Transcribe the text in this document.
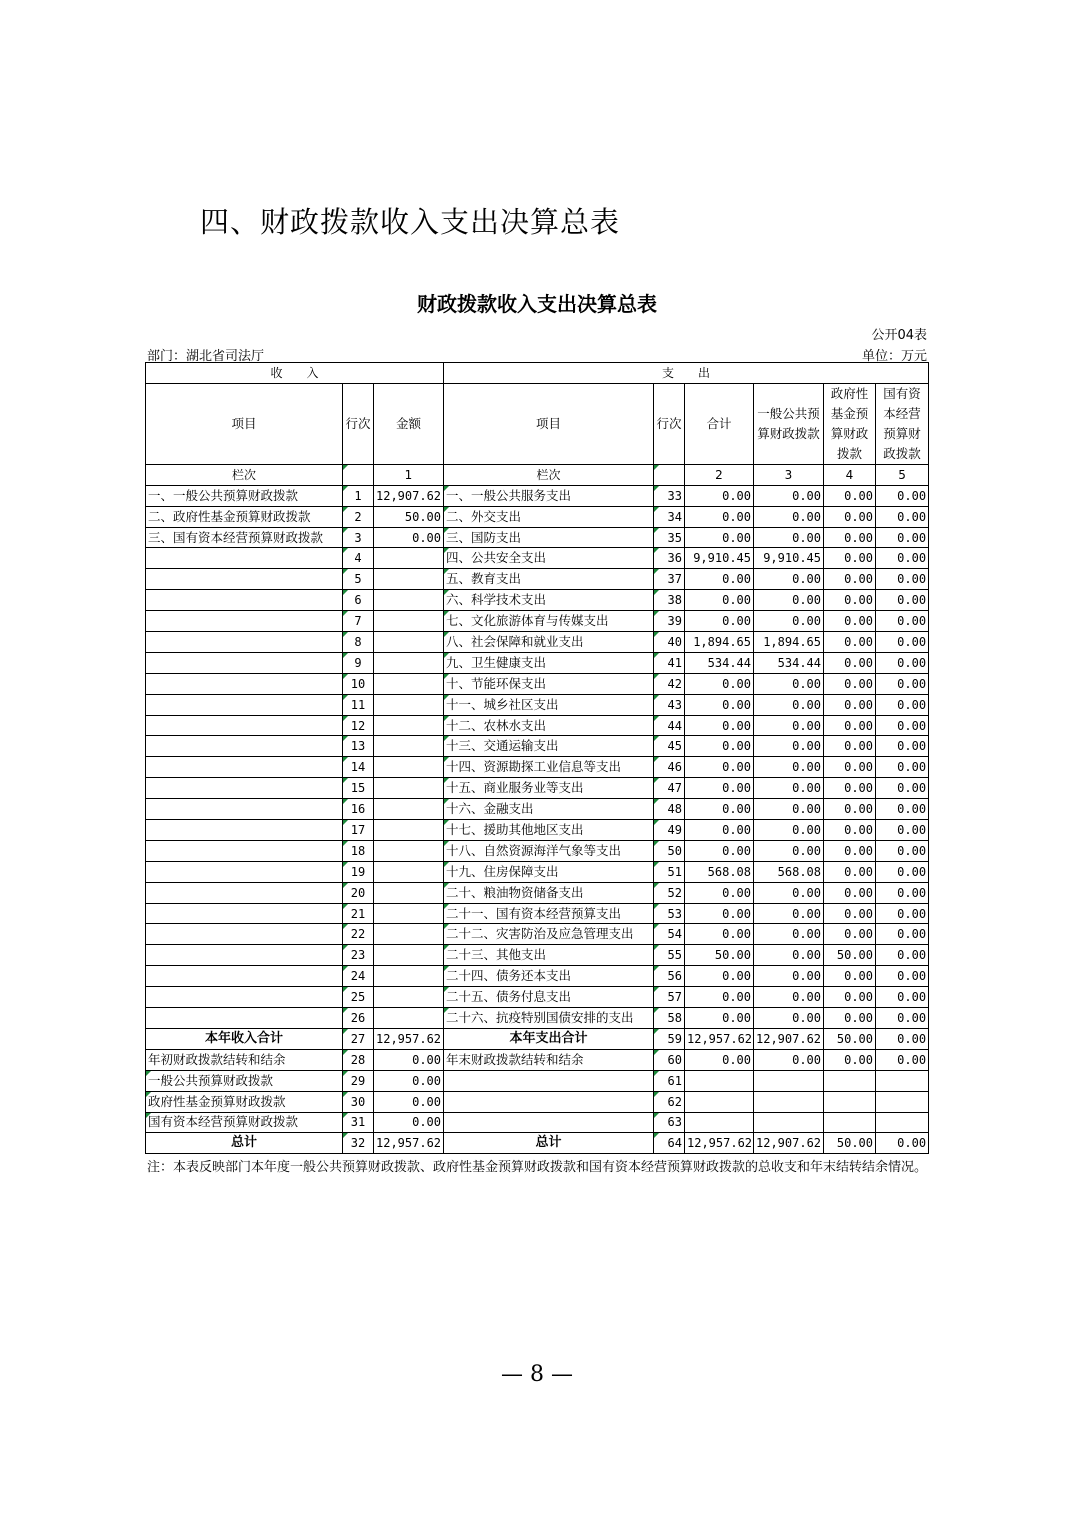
四、财政拨款收入支出决算总表
财政拨款收入支出决算总表
公开04表
部门：湖北省司法厅	单位：万元
收　　入			支　　出					
项目	行次	金额	项目	行次	合计	一般公共预算财政拨款	政府性基金预算财政拨款	国有资本经营预算财政拨款
栏次		1	栏次		2	3	4	5
一、一般公共预算财政拨款	1	12,907.62	一、一般公共服务支出	33	0.00	0.00	0.00	0.00
二、政府性基金预算财政拨款	2	50.00	二、外交支出	34	0.00	0.00	0.00	0.00
三、国有资本经营预算财政拨款	3	0.00	三、国防支出	35	0.00	0.00	0.00	0.00
	4		四、公共安全支出	36	9,910.45	9,910.45	0.00	0.00
	5		五、教育支出	37	0.00	0.00	0.00	0.00
	6		六、科学技术支出	38	0.00	0.00	0.00	0.00
	7		七、文化旅游体育与传媒支出	39	0.00	0.00	0.00	0.00
	8		八、社会保障和就业支出	40	1,894.65	1,894.65	0.00	0.00
	9		九、卫生健康支出	41	534.44	534.44	0.00	0.00
	10		十、节能环保支出	42	0.00	0.00	0.00	0.00
	11		十一、城乡社区支出	43	0.00	0.00	0.00	0.00
	12		十二、农林水支出	44	0.00	0.00	0.00	0.00
	13		十三、交通运输支出	45	0.00	0.00	0.00	0.00
	14		十四、资源勘探工业信息等支出	46	0.00	0.00	0.00	0.00
	15		十五、商业服务业等支出	47	0.00	0.00	0.00	0.00
	16		十六、金融支出	48	0.00	0.00	0.00	0.00
	17		十七、援助其他地区支出	49	0.00	0.00	0.00	0.00
	18		十八、自然资源海洋气象等支出	50	0.00	0.00	0.00	0.00
	19		十九、住房保障支出	51	568.08	568.08	0.00	0.00
	20		二十、粮油物资储备支出	52	0.00	0.00	0.00	0.00
	21		二十一、国有资本经营预算支出	53	0.00	0.00	0.00	0.00
	22		二十二、灾害防治及应急管理支出	54	0.00	0.00	0.00	0.00
	23		二十三、其他支出	55	50.00	0.00	50.00	0.00
	24		二十四、债务还本支出	56	0.00	0.00	0.00	0.00
	25		二十五、债务付息支出	57	0.00	0.00	0.00	0.00
	26		二十六、抗疫特别国债安排的支出	58	0.00	0.00	0.00	0.00
本年收入合计	27	12,957.62	本年支出合计	59	12,957.62	12,907.62	50.00	0.00
年初财政拨款结转和结余	28	0.00	年末财政拨款结转和结余	60	0.00	0.00	0.00	0.00
一般公共预算财政拨款	29	0.00		61				
政府性基金预算财政拨款	30	0.00		62				
国有资本经营预算财政拨款	31	0.00		63				
总计	32	12,957.62	总计	64	12,957.62	12,907.62	50.00	0.00
注：本表反映部门本年度一般公共预算财政拨款、政府性基金预算财政拨款和国有资本经营预算财政拨款的总收支和年末结转结余情况。
— 8 —
